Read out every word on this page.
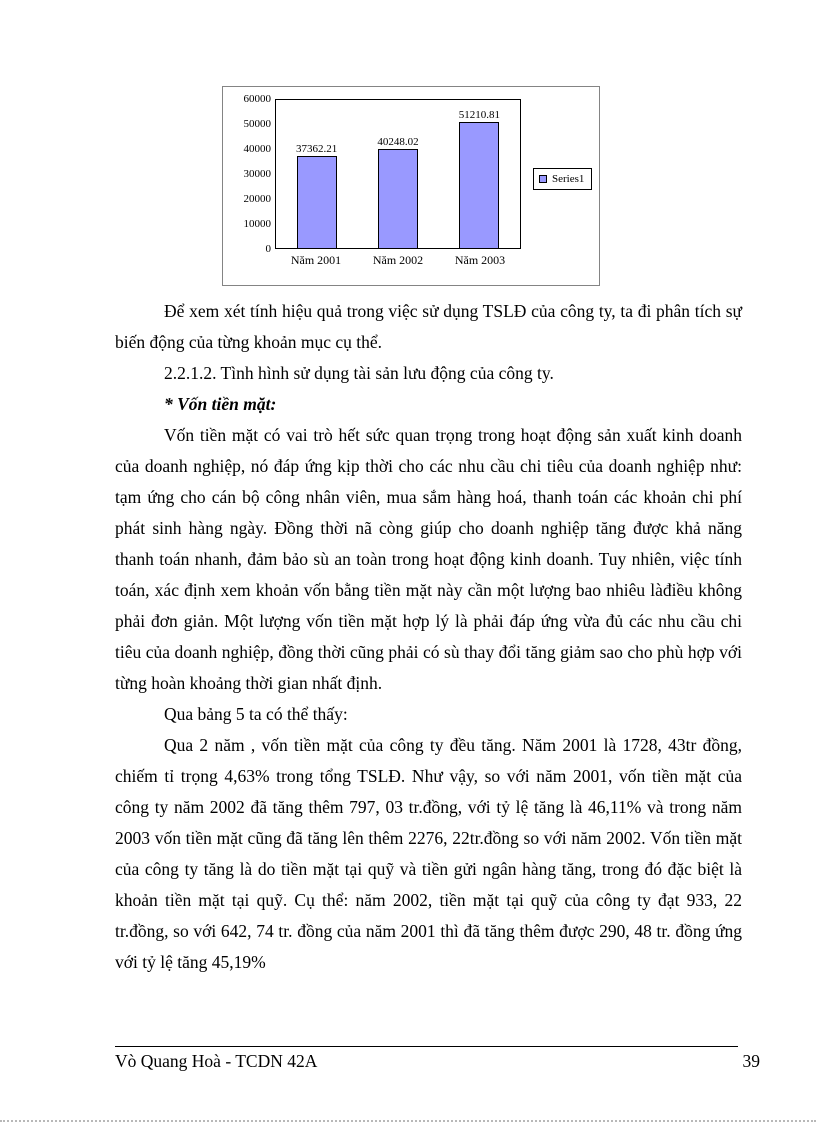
60000
50000
40000
30000
20000
10000
0
37362.21
40248.02
51210.81
Năm 2001	Năm 2002	Năm 2003
Series1

Để xem xét tính hiệu quả trong việc sử dụng TSLĐ của công ty, ta đi phân tích sự biến động của từng khoản mục cụ thể.

2.2.1.2. Tình hình sử dụng tài sản lưu động của công ty.

* Vốn tiền mặt:

Vốn tiền mặt có vai trò hết sức quan trọng trong hoạt động sản xuất kinh doanh của doanh nghiệp, nó đáp ứng kịp thời cho các nhu cầu chi tiêu của doanh nghiệp như: tạm ứng cho cán bộ công nhân viên, mua sắm hàng hoá, thanh toán các khoản chi phí phát sinh hàng ngày. Đồng thời nã còng giúp cho doanh nghiệp tăng được khả năng thanh toán nhanh, đảm bảo sù an toàn trong hoạt động kinh doanh. Tuy nhiên, việc tính toán, xác định xem khoản vốn bằng tiền mặt này cần một lượng bao nhiêu làđiều không phải đơn giản. Một lượng vốn tiền mặt hợp lý là phải đáp ứng vừa đủ các nhu cầu chi tiêu của doanh nghiệp, đồng thời cũng phải có sù thay đổi tăng giảm sao cho phù hợp với từng hoàn khoảng thời gian nhất định.

Qua bảng 5 ta có thể thấy:

Qua 2 năm , vốn tiền mặt của công ty đều tăng. Năm 2001 là 1728, 43tr đồng, chiếm tỉ trọng 4,63% trong tổng TSLĐ. Như vậy, so với năm 2001, vốn tiền mặt của công ty năm 2002 đã tăng thêm 797, 03 tr.đồng, với tỷ lệ tăng là 46,11% và trong năm 2003 vốn tiền mặt cũng đã tăng lên thêm 2276, 22tr.đồng so với năm 2002. Vốn tiền mặt của công ty tăng là do tiền mặt tại quỹ và tiền gửi ngân hàng tăng, trong đó đặc biệt là khoản tiền mặt tại quỹ. Cụ thể: năm 2002, tiền mặt tại quỹ của công ty đạt 933, 22 tr.đồng, so với 642, 74 tr. đồng của năm 2001 thì đã tăng thêm được 290, 48 tr. đồng ứng với tỷ lệ tăng 45,19%

Vò Quang Hoà - TCDN 42A	39
